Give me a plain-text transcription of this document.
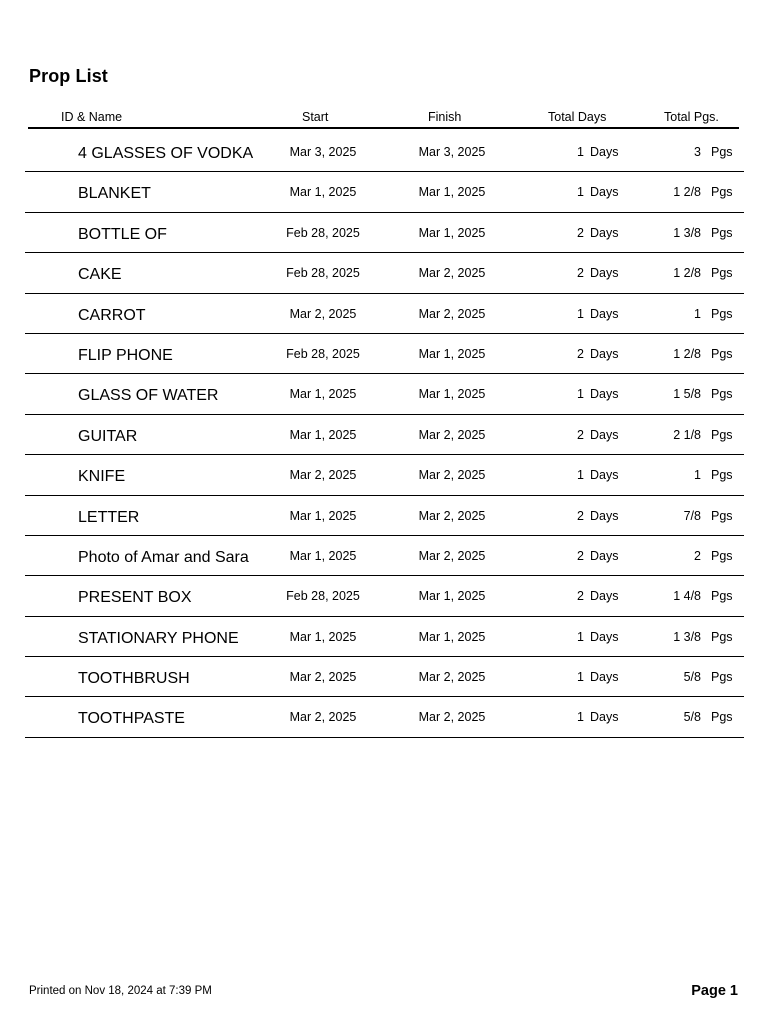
Prop List
ID & Name	Start	Finish	Total Days	Total Pgs.
4 GLASSES OF VODKA	Mar 3, 2025	Mar 3, 2025	1 Days	3 Pgs
BLANKET	Mar 1, 2025	Mar 1, 2025	1 Days	1 2/8 Pgs
BOTTLE OF	Feb 28, 2025	Mar 1, 2025	2 Days	1 3/8 Pgs
CAKE	Feb 28, 2025	Mar 2, 2025	2 Days	1 2/8 Pgs
CARROT	Mar 2, 2025	Mar 2, 2025	1 Days	1 Pgs
FLIP PHONE	Feb 28, 2025	Mar 1, 2025	2 Days	1 2/8 Pgs
GLASS OF WATER	Mar 1, 2025	Mar 1, 2025	1 Days	1 5/8 Pgs
GUITAR	Mar 1, 2025	Mar 2, 2025	2 Days	2 1/8 Pgs
KNIFE	Mar 2, 2025	Mar 2, 2025	1 Days	1 Pgs
LETTER	Mar 1, 2025	Mar 2, 2025	2 Days	7/8 Pgs
Photo of Amar and Sara	Mar 1, 2025	Mar 2, 2025	2 Days	2 Pgs
PRESENT BOX	Feb 28, 2025	Mar 1, 2025	2 Days	1 4/8 Pgs
STATIONARY PHONE	Mar 1, 2025	Mar 1, 2025	1 Days	1 3/8 Pgs
TOOTHBRUSH	Mar 2, 2025	Mar 2, 2025	1 Days	5/8 Pgs
TOOTHPASTE	Mar 2, 2025	Mar 2, 2025	1 Days	5/8 Pgs
Printed on Nov 18, 2024 at 7:39 PM	Page 1
